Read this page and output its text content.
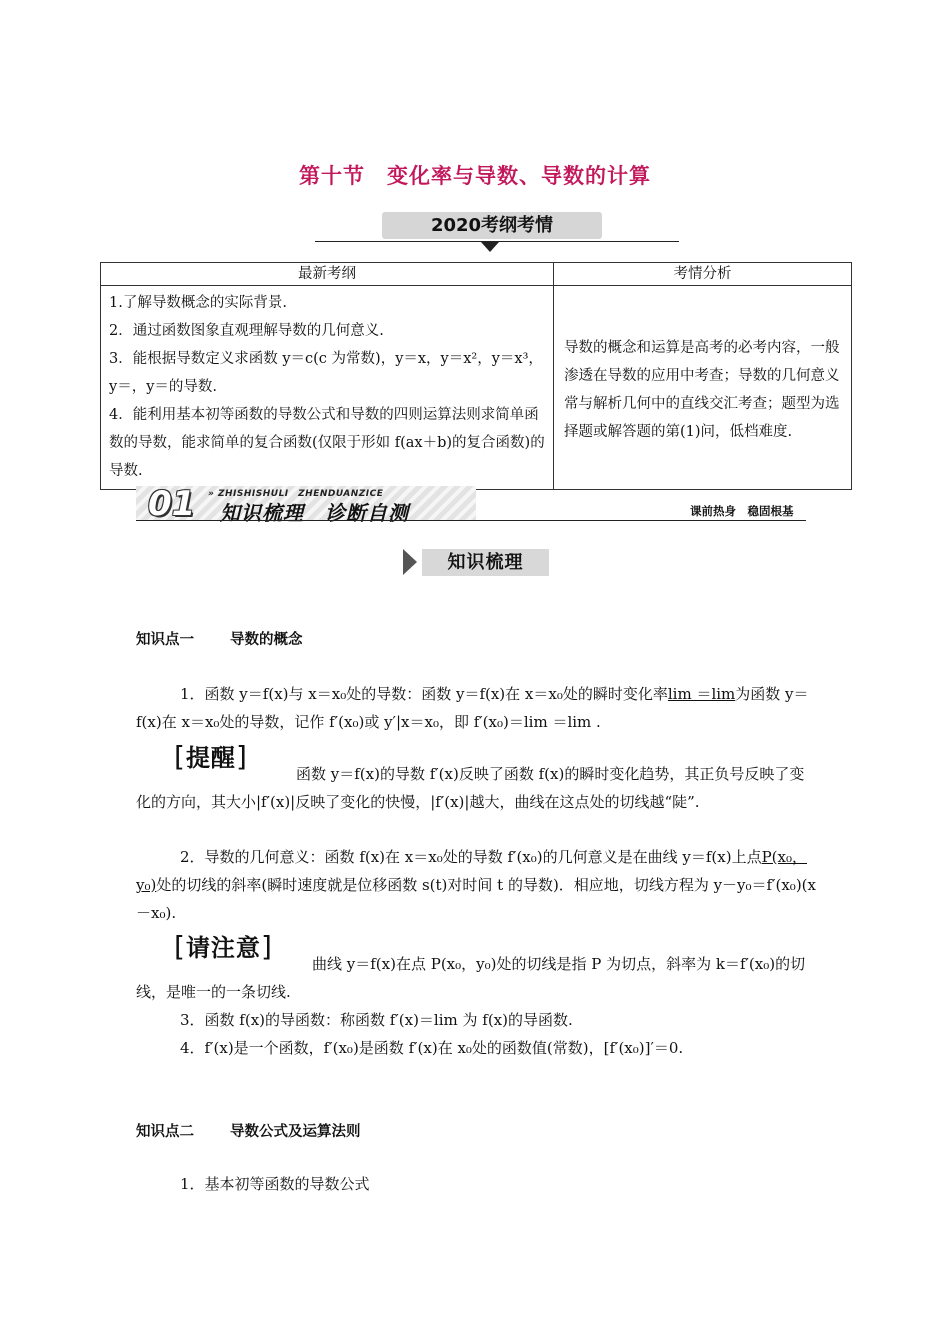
第十节　变化率与导数、导数的计算
2020考纲考情
最新考纲	考情分析

1.了解导数概念的实际背景.

2．通过函数图象直观理解导数的几何意义.

3．能根据导数定义求函数 y＝c(c 为常数)，y＝x，y＝x²，y＝x³，y＝，y＝的导数.

4．能利用基本初等函数的导数公式和导数的四则运算法则求简单函数的导数，能求简单的复合函数(仅限于形如 f(ax＋b)的复合函数)的导数.	导数的概念和运算是高考的必考内容，一般渗透在导数的应用中考查；导数的几何意义常与解析几何中的直线交汇考查；题型为选择题或解答题的第(1)问，低档难度.
01 » ZHISHISHULI　ZHENDUANZICE
知识梳理　诊断自测	课前热身　稳固根基
知识梳理
知识点一 导数的概念

1．函数 y＝f(x)与 x＝x₀处的导数：函数 y＝f(x)在 x＝x₀处的瞬时变化率lim ＝lim为函数 y＝f(x)在 x＝x₀处的导数，记作 f′(x₀)或 y′|x＝x₀，即 f′(x₀)＝lim ＝lim .

[提醒]

函数 y＝f(x)的导数 f′(x)反映了函数 f(x)的瞬时变化趋势，其正负号反映了变化的方向，其大小|f′(x)|反映了变化的快慢，|f′(x)|越大，曲线在这点处的切线越“陡”.

2．导数的几何意义：函数 f(x)在 x＝x₀处的导数 f′(x₀)的几何意义是在曲线 y＝f(x)上点P(x₀，y₀)处的切线的斜率(瞬时速度就是位移函数 s(t)对时间 t 的导数)．相应地，切线方程为 y－y₀＝f′(x₀)(x－x₀).

[请注意]

曲线 y＝f(x)在点 P(x₀，y₀)处的切线是指 P 为切点，斜率为 k＝f′(x₀)的切线，是唯一的一条切线.

3．函数 f(x)的导函数：称函数 f′(x)＝lim 为 f(x)的导函数.

4．f′(x)是一个函数，f′(x₀)是函数 f′(x)在 x₀处的函数值(常数)，[f′(x₀)]′＝0.

知识点二 导数公式及运算法则

1．基本初等函数的导数公式
